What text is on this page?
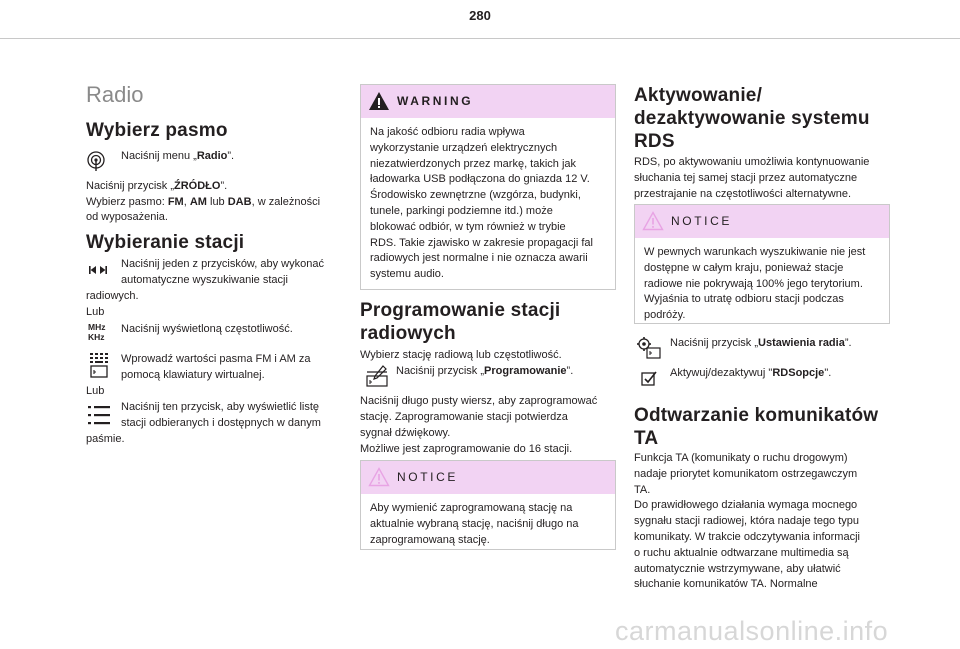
280
Radio
Wybierz pasmo

Naciśnij menu „Radio”.

Naciśnij przycisk „ŹRÓDŁO”.

Wybierz pasmo: FM, AM lub DAB, w zależności

od wyposażenia.

Wybieranie stacji

Naciśnij jeden z przycisków, aby wykonać

automatyczne wyszukiwanie stacji

radiowych.

Lub

MHz
KHz

Naciśnij wyświetloną częstotliwość.

Wprowadź wartości pasma FM i AM za

pomocą klawiatury wirtualnej.

Lub

Naciśnij ten przycisk, aby wyświetlić listę

stacji odbieranych i dostępnych w danym

paśmie.

WARNING
Na jakość odbioru radia wpływa
wykorzystanie urządzeń elektrycznych
niezatwierdzonych przez markę, takich jak
ładowarka USB podłączona do gniazda 12 V.
Środowisko zewnętrzne (wzgórza, budynki,
tunele, parkingi podziemne itd.) może
blokować odbiór, w tym również w trybie
RDS. Takie zjawisko w zakresie propagacji fal
radiowych jest normalne i nie oznacza awarii
systemu audio.
Programowanie stacji
radiowych

Wybierz stację radiową lub częstotliwość.

Naciśnij przycisk „Programowanie”.

Naciśnij długo pusty wiersz, aby zaprogramować

stację. Zaprogramowanie stacji potwierdza

sygnał dźwiękowy.

Możliwe jest zaprogramowanie do 16 stacji.

NOTICE
Aby wymienić zaprogramowaną stację na
aktualnie wybraną stację, naciśnij długo na
zaprogramowaną stację.
Aktywowanie/
dezaktywowanie systemu
RDS

RDS, po aktywowaniu umożliwia kontynuowanie

słuchania tej samej stacji przez automatyczne

przestrajanie na częstotliwości alternatywne.

NOTICE
W pewnych warunkach wyszukiwanie nie jest
dostępne w całym kraju, ponieważ stacje
radiowe nie pokrywają 100% jego terytorium.
Wyjaśnia to utratę odbioru stacji podczas
podróży.

Naciśnij przycisk „Ustawienia radia”.

Aktywuj/dezaktywuj "RDSopcje".

Odtwarzanie komunikatów
TA
Funkcja TA (komunikaty o ruchu drogowym)
nadaje priorytet komunikatom ostrzegawczym
TA.
Do prawidłowego działania wymaga mocnego
sygnału stacji radiowej, która nadaje tego typu
komunikaty. W trakcie odczytywania informacji
o ruchu aktualnie odtwarzane multimedia są
automatycznie wstrzymywane, aby ułatwić
słuchanie komunikatów TA. Normalne
carmanualsonline.info
